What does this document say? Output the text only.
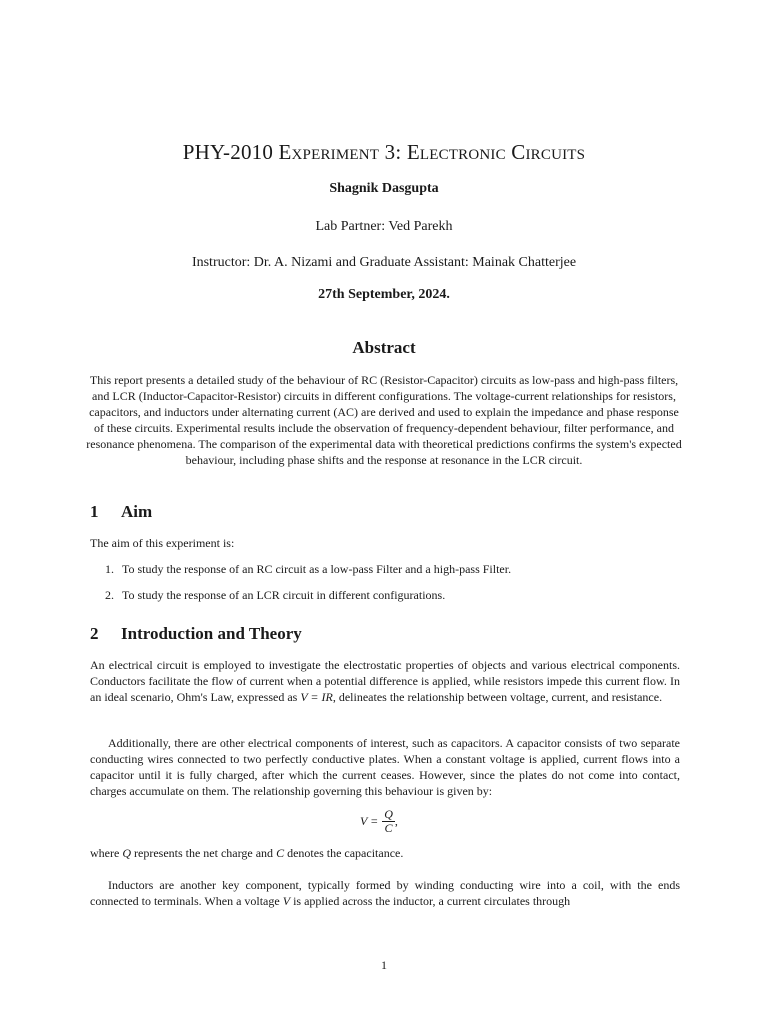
PHY-2010 Experiment 3: Electronic Circuits
Shagnik Dasgupta
Lab Partner: Ved Parekh
Instructor: Dr. A. Nizami and Graduate Assistant: Mainak Chatterjee
27th September, 2024.
Abstract
This report presents a detailed study of the behaviour of RC (Resistor-Capacitor) circuits as low-pass and high-pass filters, and LCR (Inductor-Capacitor-Resistor) circuits in different configurations. The voltage-current relationships for resistors, capacitors, and inductors under alternating current (AC) are derived and used to explain the impedance and phase response of these circuits. Experimental results include the observation of frequency-dependent behaviour, filter performance, and resonance phenomena. The comparison of the experimental data with theoretical predictions confirms the system's expected behaviour, including phase shifts and the response at resonance in the LCR circuit.
1 Aim
The aim of this experiment is:
1. To study the response of an RC circuit as a low-pass Filter and a high-pass Filter.
2. To study the response of an LCR circuit in different configurations.
2 Introduction and Theory
An electrical circuit is employed to investigate the electrostatic properties of objects and various electrical components. Conductors facilitate the flow of current when a potential difference is applied, while resistors impede this current flow. In an ideal scenario, Ohm's Law, expressed as V = IR, delineates the relationship between voltage, current, and resistance.
Additionally, there are other electrical components of interest, such as capacitors. A capacitor consists of two separate conducting wires connected to two perfectly conductive plates. When a constant voltage is applied, current flows into a capacitor until it is fully charged, after which the current ceases. However, since the plates do not come into contact, charges accumulate on them. The relationship governing this behaviour is given by:
$V = \frac{Q}{C}$ ,
where Q represents the net charge and C denotes the capacitance.
Inductors are another key component, typically formed by winding conducting wire into a coil, with the ends connected to terminals. When a voltage V is applied across the inductor, a current circulates through
1
